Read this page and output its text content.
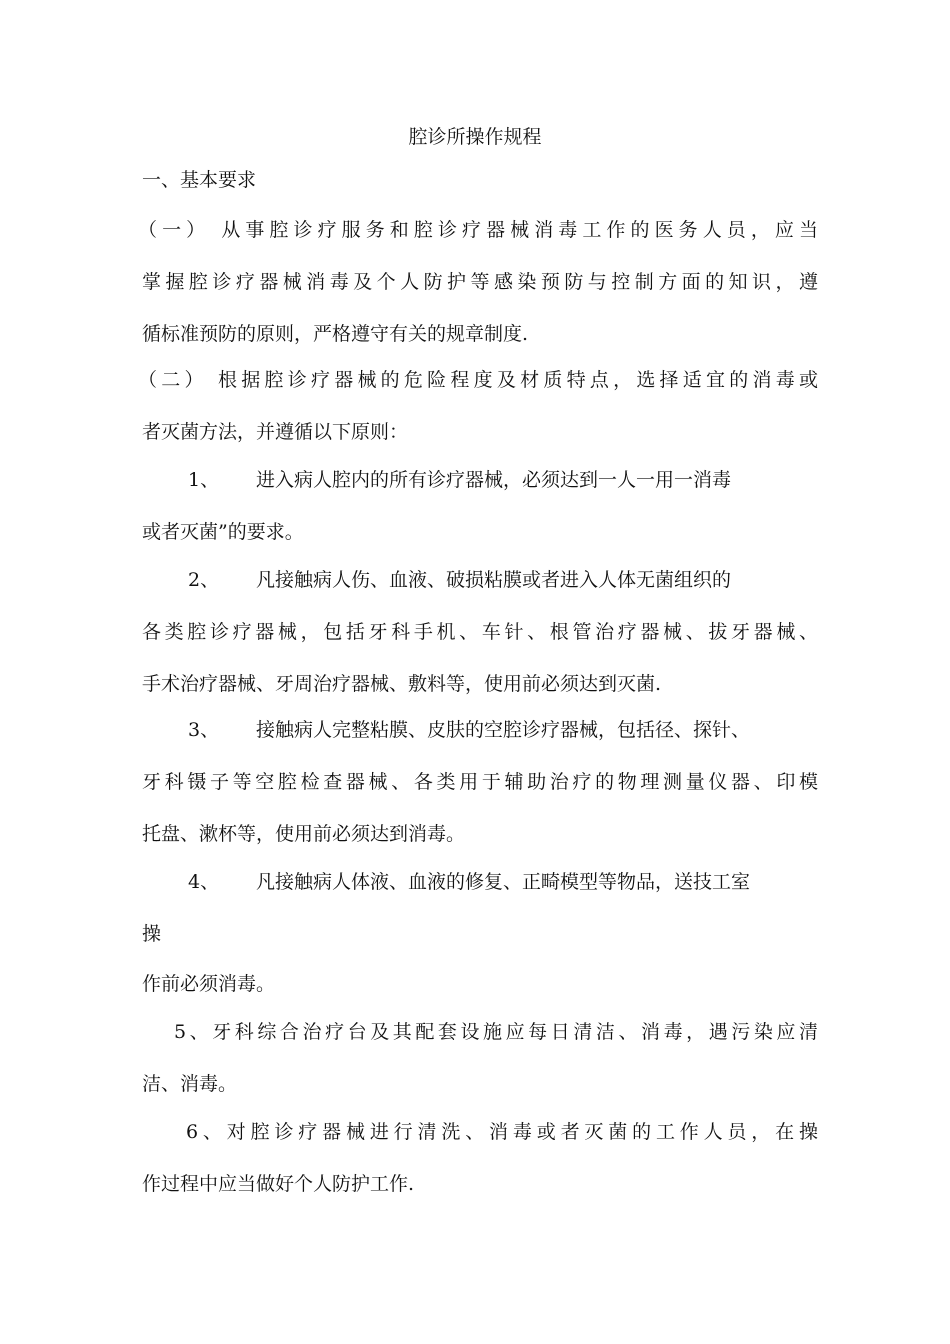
腔诊所操作规程
一、基本要求
（一） 从事腔诊疗服务和腔诊疗器械消毒工作的医务人员，应当
掌握腔诊疗器械消毒及个人防护等感染预防与控制方面的知识，遵
循标准预防的原则，严格遵守有关的规章制度.
（二） 根据腔诊疗器械的危险程度及材质特点，选择适宜的消毒或
者灭菌方法，并遵循以下原则：
1、 进入病人腔内的所有诊疗器械，必须达到一人一用一消毒
或者灭菌”的要求。
2、 凡接触病人伤、血液、破损粘膜或者进入人体无菌组织的
各类腔诊疗器械，包括牙科手机、车针、根管治疗器械、拔牙器械、
手术治疗器械、牙周治疗器械、敷料等，使用前必须达到灭菌.
3、 接触病人完整粘膜、皮肤的空腔诊疗器械，包括径、探针、
牙科镊子等空腔检查器械、各类用于辅助治疗的物理测量仪器、印模
托盘、漱杯等，使用前必须达到消毒。
4、 凡接触病人体液、血液的修复、正畸模型等物品，送技工室
操
作前必须消毒。
5、牙科综合治疗台及其配套设施应每日清洁、消毒，遇污染应清
洁、消毒。
6、对腔诊疗器械进行清洗、消毒或者灭菌的工作人员，在操
作过程中应当做好个人防护工作.
